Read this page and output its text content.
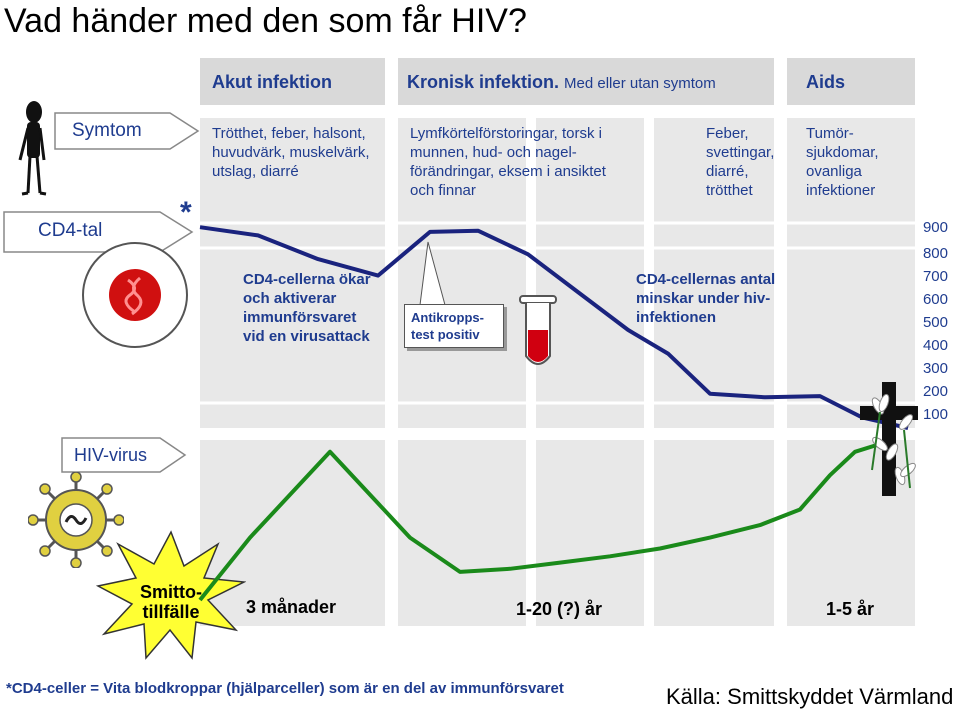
Vad händer med den som får HIV?
Akut infektion	Kronisk infektion. Med eller utan symtom	Aids
Symtom
CD4-tal
HIV-virus
*
Smitto-
tillfälle
Trötthet, feber, halsont,
huvudvärk, muskelvärk,
utslag, diarré
Lymfkörtelförstoringar, torsk i
munnen, hud- och nagel-
förändringar, eksem i ansiktet
och finnar
Feber,
svettingar,
diarré,
trötthet
Tumör-
sjukdomar,
ovanliga
infektioner
CD4-cellerna ökar
och aktiverar
immunförsvaret
vid en virusattack
CD4-cellernas antal
minskar under hiv-
infektionen
Antikropps-
test positiv
900
800
700
600
500
400
300
200
100
3 månader	1-20 (?) år	1-5 år
*CD4-celler = Vita blodkroppar (hjälparceller) som är en del av immunförsvaret	Källa: Smittskyddet Värmland
